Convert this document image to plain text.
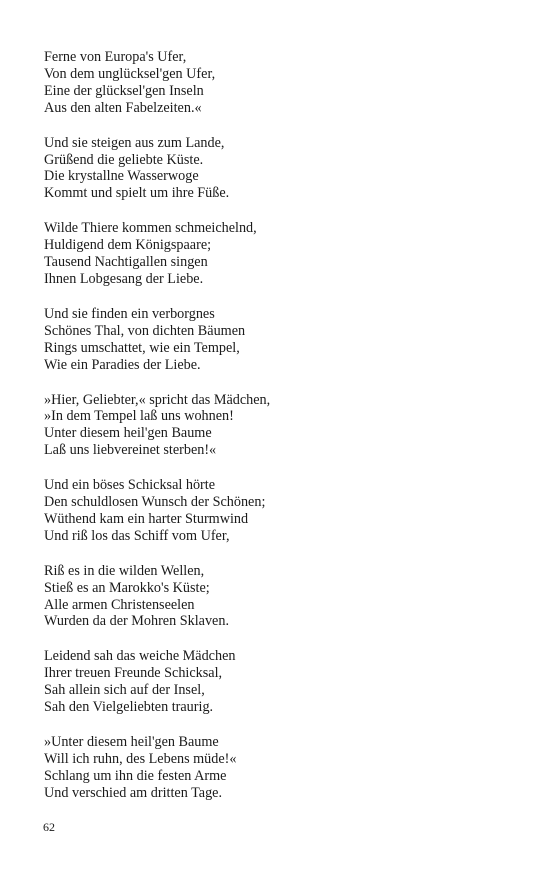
Ferne von Europa's Ufer,
Von dem unglücksel'gen Ufer,
Eine der glücksel'gen Inseln
Aus den alten Fabelzeiten.«
Und sie steigen aus zum Lande,
Grüßend die geliebte Küste.
Die krystallne Wasserwoge
Kommt und spielt um ihre Füße.
Wilde Thiere kommen schmeichelnd,
Huldigend dem Königspaare;
Tausend Nachtigallen singen
Ihnen Lobgesang der Liebe.
Und sie finden ein verborgnes
Schönes Thal, von dichten Bäumen
Rings umschattet, wie ein Tempel,
Wie ein Paradies der Liebe.
»Hier, Geliebter,« spricht das Mädchen,
»In dem Tempel laß uns wohnen!
Unter diesem heil'gen Baume
Laß uns liebvereinet sterben!«
Und ein böses Schicksal hörte
Den schuldlosen Wunsch der Schönen;
Wüthend kam ein harter Sturmwind
Und riß los das Schiff vom Ufer,
Riß es in die wilden Wellen,
Stieß es an Marokko's Küste;
Alle armen Christenseelen
Wurden da der Mohren Sklaven.
Leidend sah das weiche Mädchen
Ihrer treuen Freunde Schicksal,
Sah allein sich auf der Insel,
Sah den Vielgeliebten traurig.
»Unter diesem heil'gen Baume
Will ich ruhn, des Lebens müde!«
Schlang um ihn die festen Arme
Und verschied am dritten Tage.
62
